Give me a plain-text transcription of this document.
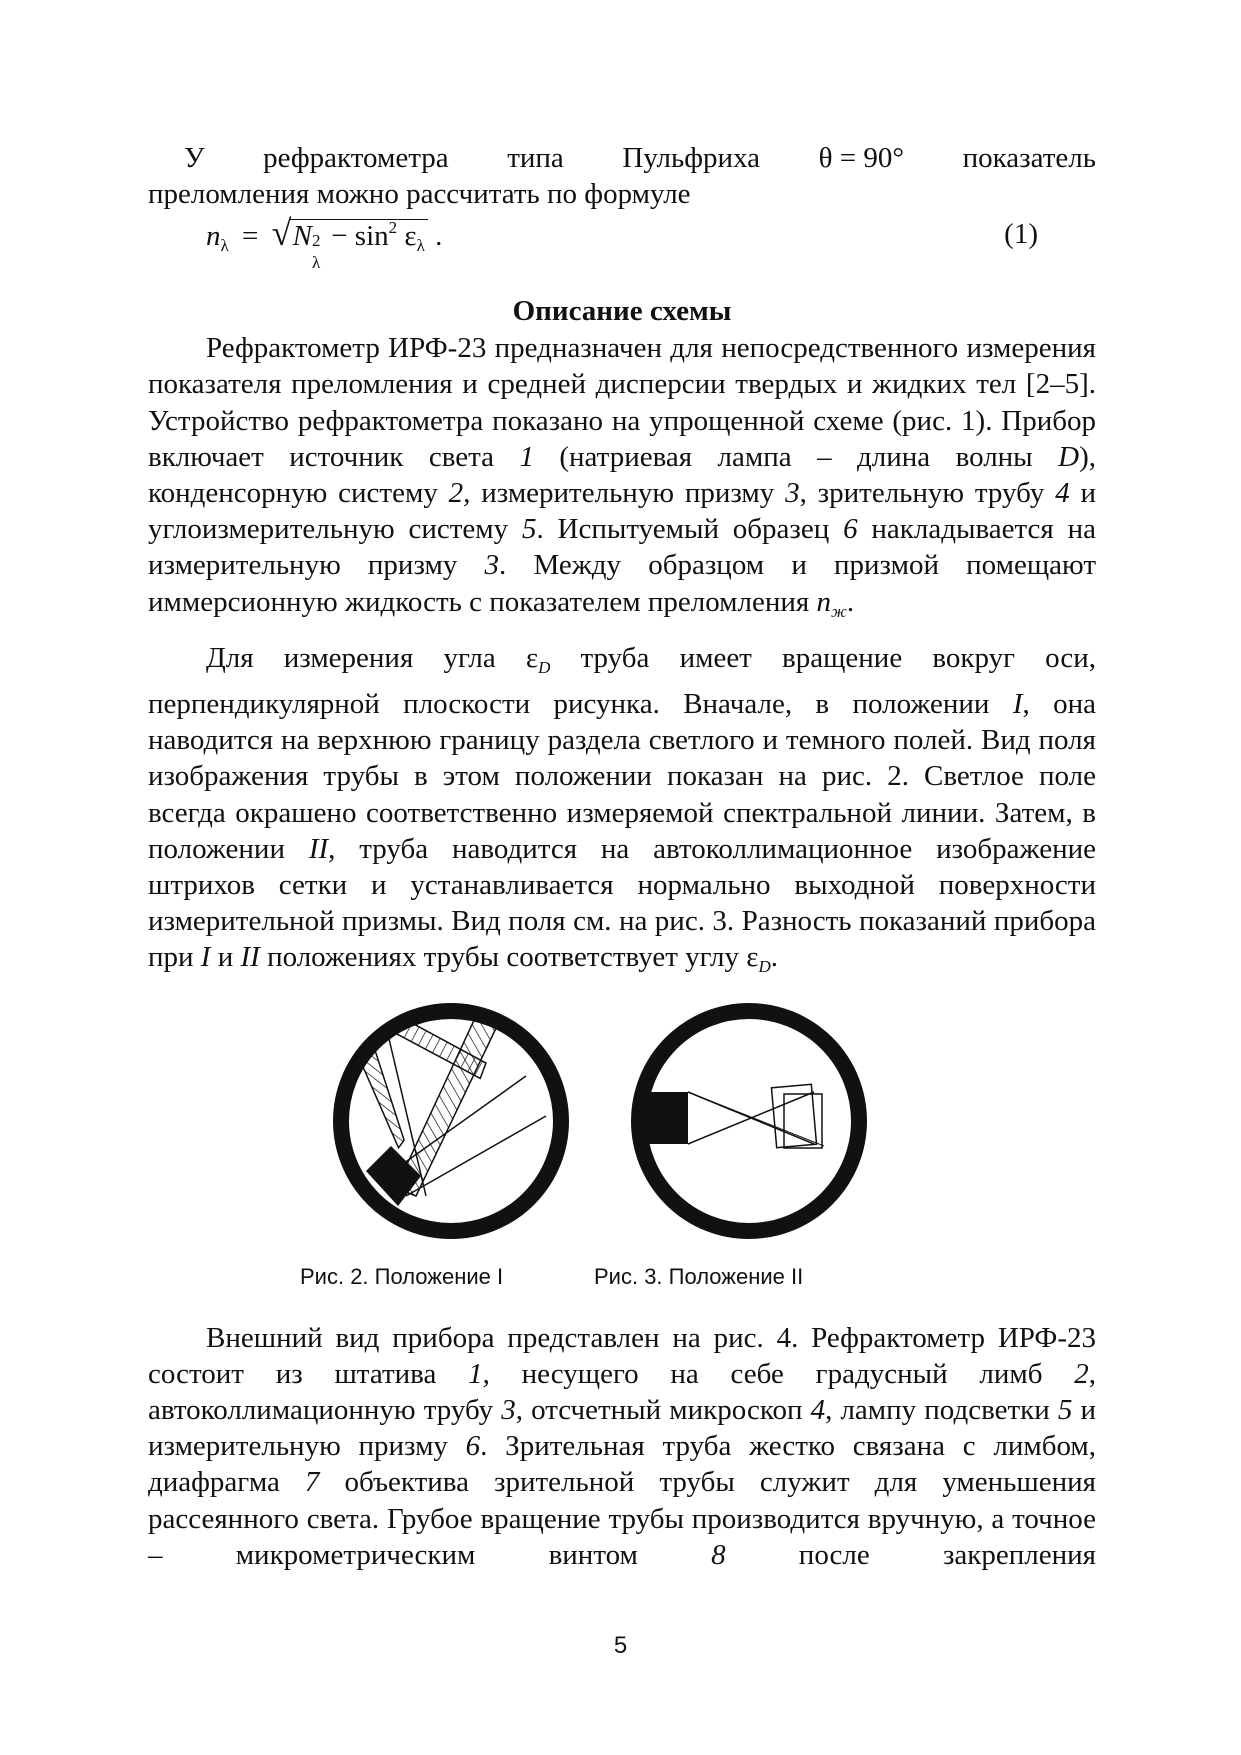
У рефрактометра типа Пульфриха θ = 90° показатель
преломления можно рассчитать по формуле
$n_\lambda$ = √ N 2
λ
− $\sin^2 \varepsilon_\lambda$ .	(1)
Описание схемы

Рефрактометр ИРФ-23 предназначен для непосредственного измерения показателя преломления и средней дисперсии твердых и жидких тел [2–5]. Устройство рефрактометра показано на упрощенной схеме (рис. 1). Прибор включает источник света 1 (натриевая лампа – длина волны D), конденсорную систему 2, измерительную призму 3, зрительную трубу 4 и углоизмерительную систему 5. Испытуемый образец 6 накладывается на измерительную призму 3. Между образцом и призмой помещают иммерсионную жидкость с показателем преломления $n_ж$.

Для измерения угла $\varepsilon_D$ труба имеет вращение вокруг оси, перпендикулярной плоскости рисунка. Вначале, в положении I, она наводится на верхнюю границу раздела светлого и темного полей. Вид поля изображения трубы в этом положении показан на рис. 2. Светлое поле всегда окрашено соответственно измеряемой спектральной линии. Затем, в положении II, труба наводится на автоколлимационное изображение штрихов сетки и устанавливается нормально выходной поверхности измерительной призмы. Вид поля см. на рис. 3. Разность показаний прибора при I и II положениях трубы соответствует углу $\varepsilon_D$.

Рис. 2. Положение I	Рис. 3. Положение II

Внешний вид прибора представлен на рис. 4. Рефрактометр ИРФ-23 состоит из штатива 1, несущего на себе градусный лимб 2, автоколлимационную трубу 3, отсчетный микроскоп 4, лампу подсветки 5 и измерительную призму 6. Зрительная труба жестко связана с лимбом, диафрагма 7 объектива зрительной трубы служит для уменьшения рассеянного света. Грубое вращение трубы производится вручную, а точное – микрометрическим винтом 8 после закрепления

5
